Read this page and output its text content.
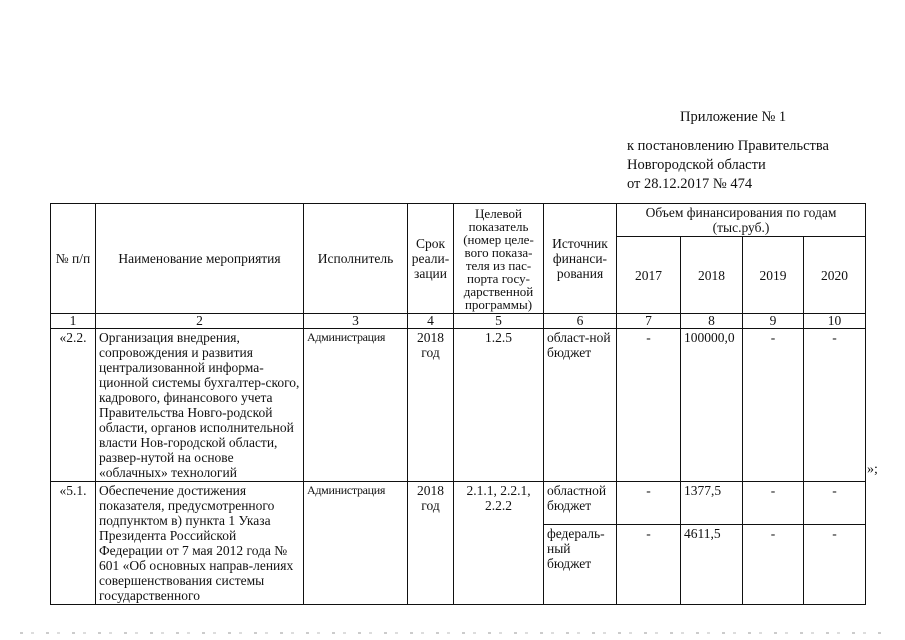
Приложение № 1
к постановлению Правительства
Новгородской области
от 28.12.2017 № 474
№ п/п	Наименование мероприятия	Исполнитель	Срок реали-зации	Целевой показатель (номер целе-вого показа-теля из пас-порта госу-дарственной программы)	Источник финанси-рования	Объем финансирования по годам (тыс.руб.)			
						2017	2018	2019	2020
1	2	3	4	5	6	7	8	9	10
«2.2.	Организация внедрения, сопровождения и развития централизованной информа-ционной системы бухгалтер-ского, кадрового, финансового учета Правительства Новго-родской области, органов исполнительной власти Нов-городской области, развер-нутой на основе «облачных» технологий	Администрация	2018 год	1.2.5	област-ной бюджет	-	100000,0	-	-
«5.1.	Обеспечение достижения показателя, предусмотренного подпунктом в) пункта 1 Указа Президента Российской Федерации от 7 мая 2012 года № 601 «Об основных направ-лениях совершенствования системы государственного	Администрация	2018 год	2.1.1, 2.2.1, 2.2.2	областной бюджет	-	1377,5	-	-
					федераль-ный бюджет	-	4611,5	-	-
»;
